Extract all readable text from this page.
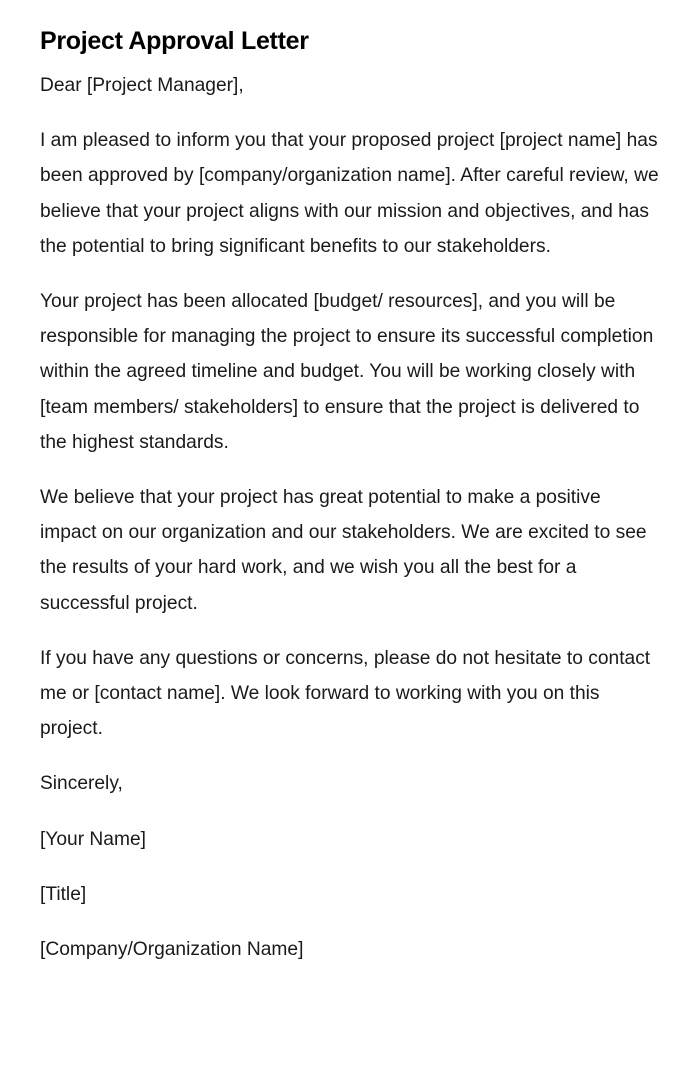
Project Approval Letter

Dear [Project Manager],

I am pleased to inform you that your proposed project [project name] has been approved by [company/organization name]. After careful review, we believe that your project aligns with our mission and objectives, and has the potential to bring significant benefits to our stakeholders.

Your project has been allocated [budget/ resources], and you will be responsible for managing the project to ensure its successful completion within the agreed timeline and budget. You will be working closely with [team members/ stakeholders] to ensure that the project is delivered to the highest standards.

We believe that your project has great potential to make a positive impact on our organization and our stakeholders. We are excited to see the results of your hard work, and we wish you all the best for a successful project.

If you have any questions or concerns, please do not hesitate to contact me or [contact name]. We look forward to working with you on this project.

Sincerely,

[Your Name]

[Title]

[Company/Organization Name]
